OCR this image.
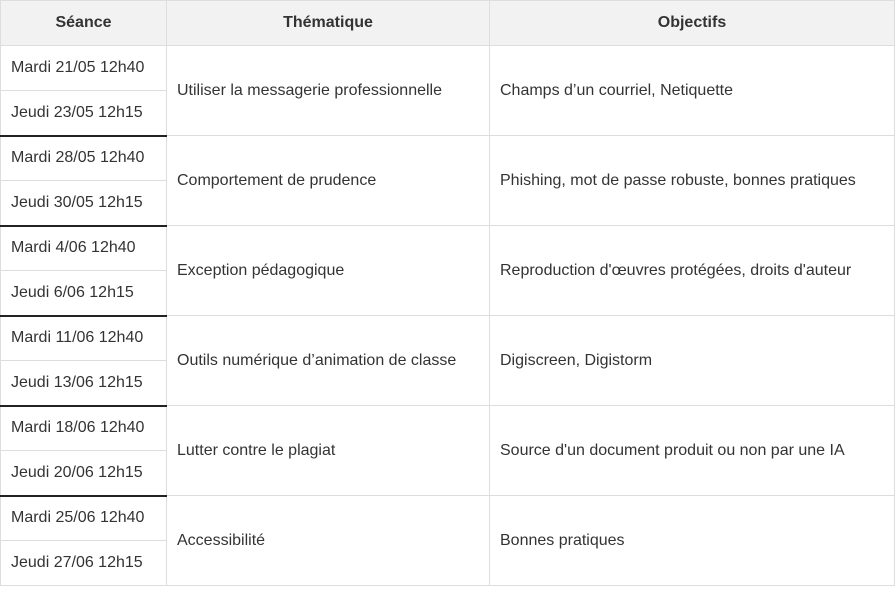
Séance	Thématique	Objectifs
Mardi 21/05 12h40	Utiliser la messagerie professionnelle	Champs d’un courriel, Netiquette
Jeudi 23/05 12h15		
Mardi 28/05 12h40	Comportement de prudence	Phishing, mot de passe robuste, bonnes pratiques
Jeudi 30/05 12h15		
Mardi 4/06 12h40	Exception pédagogique	Reproduction d'œuvres protégées, droits d'auteur
Jeudi 6/06 12h15		
Mardi 11/06 12h40	Outils numérique d’animation de classe	Digiscreen, Digistorm
Jeudi 13/06 12h15		
Mardi 18/06 12h40	Lutter contre le plagiat	Source d'un document produit ou non par une IA
Jeudi 20/06 12h15		
Mardi 25/06 12h40	Accessibilité	Bonnes pratiques
Jeudi 27/06 12h15		
